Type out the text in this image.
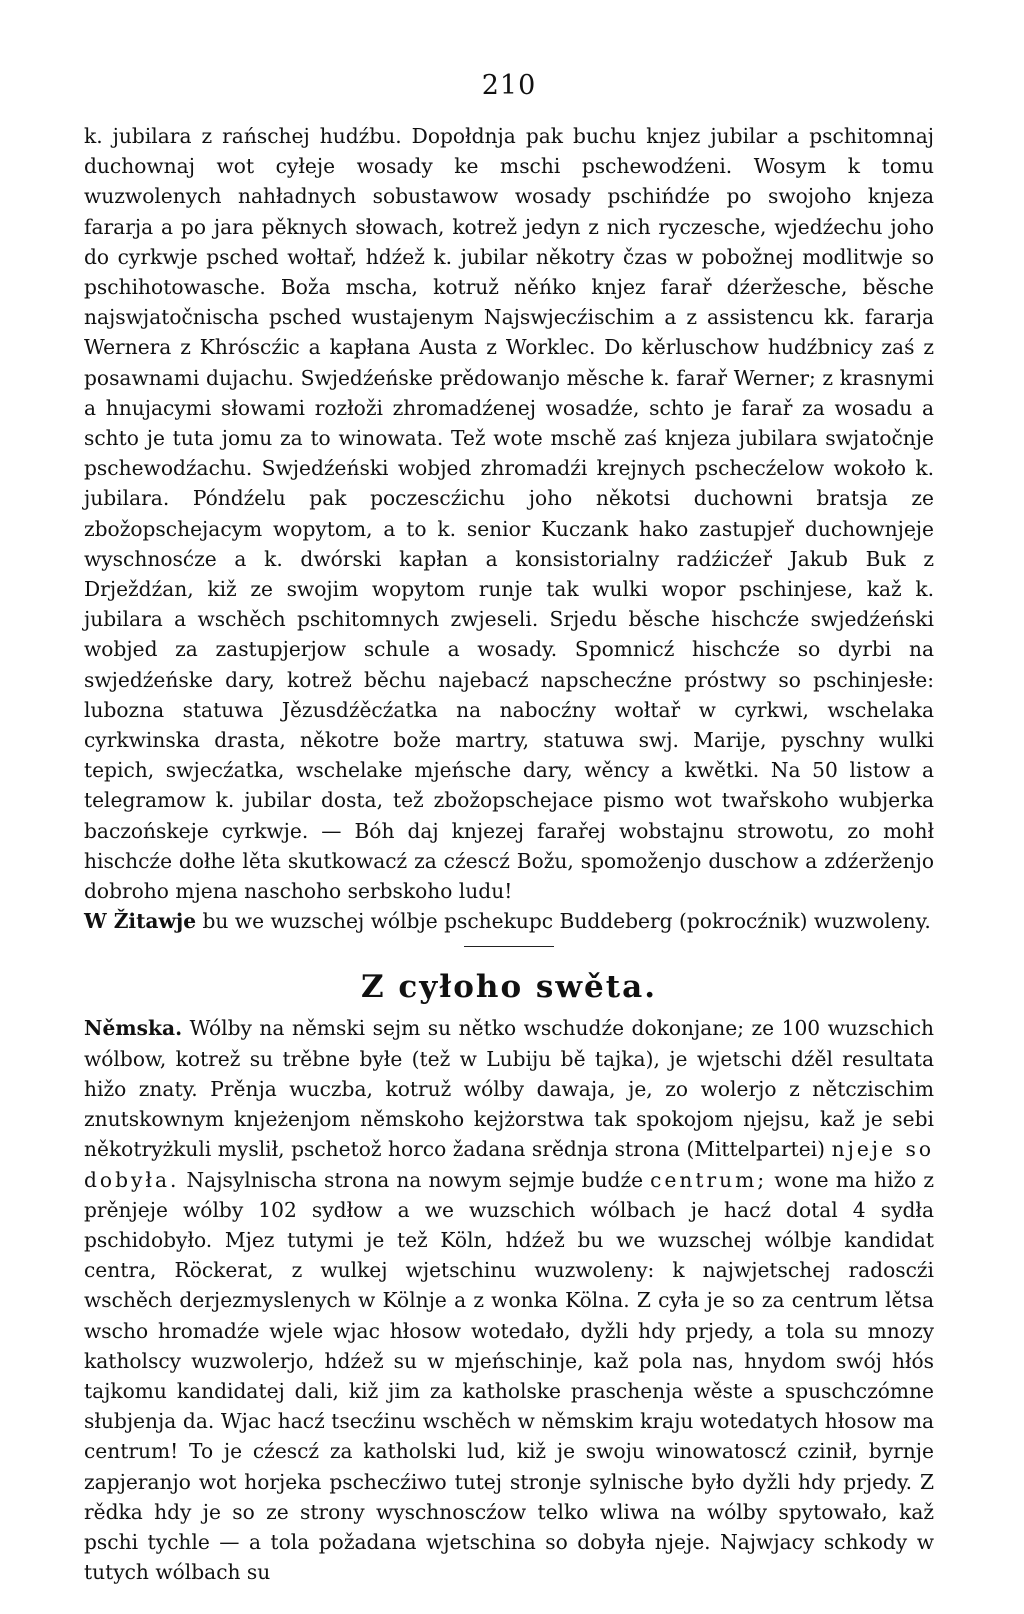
210

k. jubilara z rańschej hudźbu. Dopołdnja pak buchu knjez jubilar a pschitomnaj duchownaj wot cyłeje wosady ke mschi pschewodźeni. Wosym k tomu wuzwolenych nahładnych sobustawow wosady pschińdźe po swojoho knjeza fararja a po jara pěknych słowach, kotrež jedyn z nich ryczesche, wjedźechu joho do cyrkwje psched wołtař, hdźež k. jubilar někotry čzas w pobožnej modlitwje so pschihotowasche. Boža mscha, kotruž něńko knjez farař dźeržesche, běsche najswjatočnischa psched wustajenym Najswjecźischim a z assistencu kk. fararja Wernera z Khróscźic a kapłana Austa z Worklec. Do kěrluschow hudźbnicy zaś z posawnami dujachu. Swjedźeńske prědowanjo měsche k. farař Werner; z krasnymi a hnujacymi słowami rozłoži zhromadźenej wosadźe, schto je farař za wosadu a schto je tuta jomu za to winowata. Tež wote mschě zaś knjeza jubilara swjatočnje pschewodźachu. Swjedźeński wobjed zhromadźi krejnych pschecźelow wokoło k. jubilara. Póndźelu pak poczescźichu joho někotsi duchowni bratsja ze zbožopschejacym wopytom, a to k. senior Kuczank hako zastupjeř duchownjeje wyschnosćze a k. dwórski kapłan a konsistorialny radźicźeř Jakub Buk z Drježdźan, kiž ze swojim wopytom runje tak wulki wopor pschinjese, kaž k. jubilara a wschěch pschitomnych zwjeseli. Srjedu běsche hischcźe swjedźeński wobjed za zastupjerjow schule a wosady. Spomnicź hischcźe so dyrbi na swjedźeńske dary, kotrež běchu najebacź napschecźne próstwy so pschinjesłe: lubozna statuwa Jězusdźěcźatka na nabocźny wołtař w cyrkwi, wschelaka cyrkwinska drasta, někotre bože martry, statuwa swj. Marije, pyschny wulki tepich, swjecźatka, wschelake mjeńsche dary, wěncy a kwětki. Na 50 listow a telegramow k. jubilar dosta, tež zbožopschejace pismo wot twařskoho wubjerka baczońskeje cyrkwje. — Bóh daj knjezej farařej wobstajnu strowotu, zo mohł hischcźe dołhe lěta skutkowacź za cźescź Božu, spomoženjo duschow a zdźerženjo dobroho mjena naschoho serbskoho ludu!

W Žitawje bu we wuzschej wólbje pschekupc Buddeberg (pokrocźnik) wuzwoleny.

Z cyłoho swěta.

Němska. Wólby na němski sejm su nětko wschudźe dokonjane; ze 100 wuzschich wólbow, kotrež su trěbne byłe (tež w Lubiju bě tajka), je wjetschi dźěl resultata hižo znaty. Prěnja wuczba, kotruž wólby dawaja, je, zo wolerjo z nětczischim znutskownym knjeżenjom němskoho kejżorstwa tak spokojom njejsu, kaž je sebi někotryżkuli myslił, pschetož horco žadana srědnja strona (Mittelpartei) njeje so dobyła. Najsylnischa strona na nowym sejmje budźe centrum; wone ma hižo z prěnjeje wólby 102 sydłow a we wuzschich wólbach je hacź dotal 4 sydła pschidobyło. Mjez tutymi je tež Köln, hdźež bu we wuzschej wólbje kandidat centra, Röckerat, z wulkej wjetschinu wuzwoleny: k najwjetschej radoscźi wschěch derjezmyslenych w Kölnje a z wonka Kölna. Z cyła je so za centrum lětsa wscho hromadźe wjele wjac hłosow wotedało, dyžli hdy prjedy, a tola su mnozy katholscy wuzwolerjo, hdźež su w mjeńschinje, kaž pola nas, hnydom swój hłós tajkomu kandidatej dali, kiž jim za katholske praschenja wěste a spuschczómne słubjenja da. Wjac hacź tsecźinu wschěch w němskim kraju wotedatych hłosow ma centrum! To je cźescź za katholski lud, kiž je swoju winowatoscź czinił, byrnje zapjeranjo wot horjeka pschecźiwo tutej stronje sylnische było dyžli hdy prjedy. Z rědka hdy je so ze strony wyschnoscźow telko wliwa na wólby spytowało, kaž pschi tychle — a tola požadana wjetschina so dobyła njeje. Najwjacy schkody w tutych wólbach su
